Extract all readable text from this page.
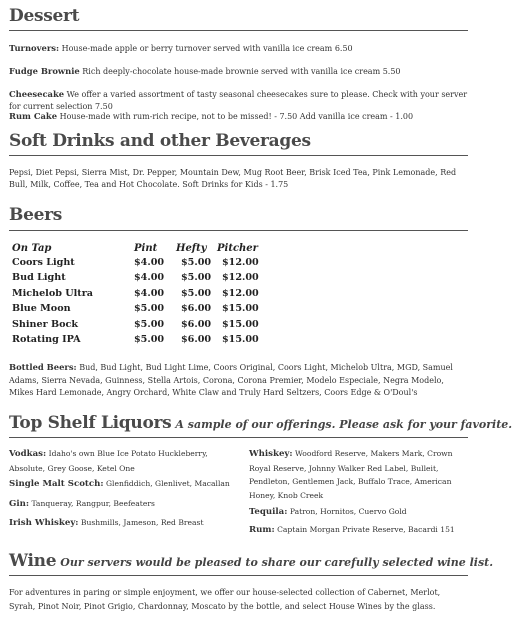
Dessert
Turnovers: House-made apple or berry turnover served with vanilla ice cream 6.50
Fudge Brownie Rich deeply-chocolate house-made brownie served with vanilla ice cream 5.50
Cheesecake We offer a varied assortment of tasty seasonal cheesecakes sure to please. Check with your server for current selection 7.50
Rum Cake House-made with rum-rich recipe, not to be missed! - 7.50 Add vanilla ice cream - 1.00
Soft Drinks and other Beverages
Pepsi, Diet Pepsi, Sierra Mist, Dr. Pepper, Mountain Dew, Mug Root Beer, Brisk Iced Tea, Pink Lemonade, Red Bull, Milk, Coffee, Tea and Hot Chocolate. Soft Drinks for Kids - 1.75
Beers
On Tap	Pint Hefty Pitcher
Coors Light	$4.00 $5.00 $12.00
Bud Light	$4.00 $5.00 $12.00
Michelob Ultra	$4.00 $5.00 $12.00
Blue Moon	$5.00 $6.00 $15.00
Shiner Bock	$5.00 $6.00 $15.00
Rotating IPA	$5.00 $6.00 $15.00
Bottled Beers: Bud, Bud Light, Bud Light Lime, Coors Original, Coors Light, Michelob Ultra, MGD, Samuel Adams, Sierra Nevada, Guinness, Stella Artois, Corona, Corona Premier, Modelo Especiale, Negra Modelo, Mikes Hard Lemonade, Angry Orchard, White Claw and Truly Hard Seltzers, Coors Edge & O'Doul's
Top Shelf Liquors A sample of our offerings. Please ask for your favorite.
Vodkas: Idaho's own Blue Ice Potato Huckleberry, Absolute, Grey Goose, Ketel One
Single Malt Scotch: Glenfiddich, Glenlivet, Macallan
Gin: Tanqueray, Rangpur, Beefeaters
Irish Whiskey: Bushmills, Jameson, Red Breast
Whiskey: Woodford Reserve, Makers Mark, Crown Royal Reserve, Johnny Walker Red Label, Bulleit, Pendleton, Gentlemen Jack, Buffalo Trace, American Honey, Knob Creek
Tequila: Patron, Hornitos, Cuervo Gold
Rum: Captain Morgan Private Reserve, Bacardi 151
Wine Our servers would be pleased to share our carefully selected wine list.
For adventures in paring or simple enjoyment, we offer our house-selected collection of Cabernet, Merlot, Syrah, Pinot Noir, Pinot Grigio, Chardonnay, Moscato by the bottle, and select House Wines by the glass.
